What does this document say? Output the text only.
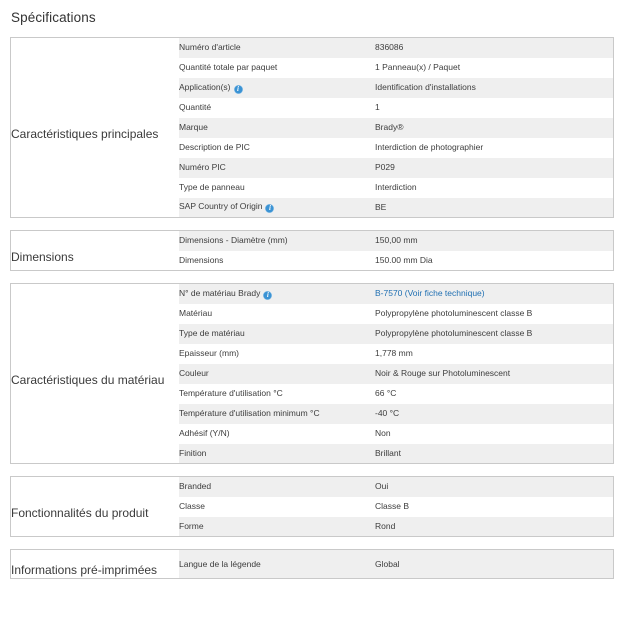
Spécifications
Caractéristiques principales	Numéro d'article	836086
	Quantité totale par paquet	1 Panneau(x) / Paquet
	Application(s) i	Identification d'installations
	Quantité	1
	Marque	Brady®
	Description de PIC	Interdiction de photographier
	Numéro PIC	P029
	Type de panneau	Interdiction
	SAP Country of Origin i	BE
Dimensions	Dimensions - Diamètre (mm)	150,00 mm
	Dimensions	150.00 mm Dia
Caractéristiques du matériau	N° de matériau Brady i	B-7570 (Voir fiche technique)
	Matériau	Polypropylène photoluminescent classe B
	Type de matériau	Polypropylène photoluminescent classe B
	Epaisseur (mm)	1,778 mm
	Couleur	Noir & Rouge sur Photoluminescent
	Température d'utilisation °C	66 °C
	Température d'utilisation minimum °C	-40 °C
	Adhésif (Y/N)	Non
	Finition	Brillant
Fonctionnalités du produit	Branded	Oui
	Classe	Classe B
	Forme	Rond
Informations pré-imprimées	Langue de la légende	Global
